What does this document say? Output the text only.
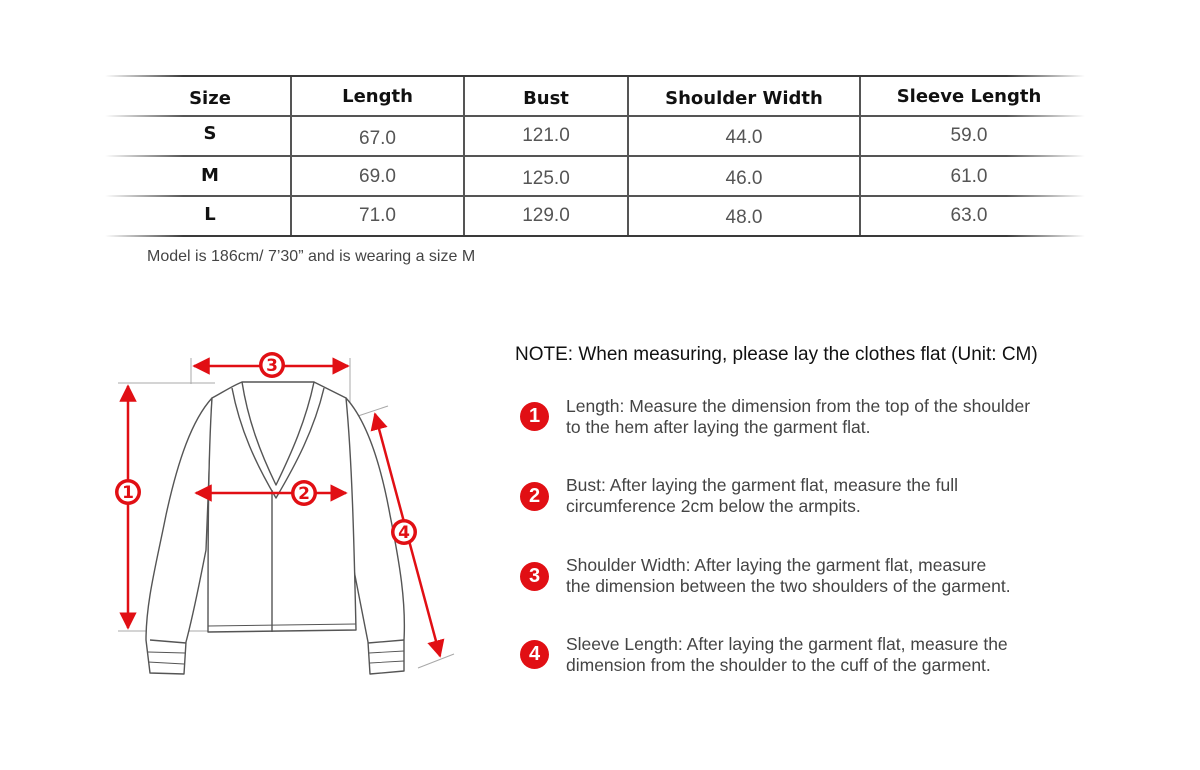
Size	Length	Bust	Shoulder Width	Sleeve Length
S	67.0	121.0	44.0	59.0
M	69.0	125.0	46.0	61.0
L	71.0	129.0	48.0	63.0
Model is 186cm/ 7’30” and is wearing a size M
3
1	2
4
NOTE: When measuring, please lay the clothes flat (Unit: CM)
1	Length: Measure the dimension from the top of the shoulder
to the hem after laying the garment flat.
2	Bust: After laying the garment flat, measure the full
circumference 2cm below the armpits.
3	Shoulder Width: After laying the garment flat, measure
the dimension between the two shoulders of the garment.
4	Sleeve Length: After laying the garment flat, measure the
dimension from the shoulder to the cuff of the garment.
